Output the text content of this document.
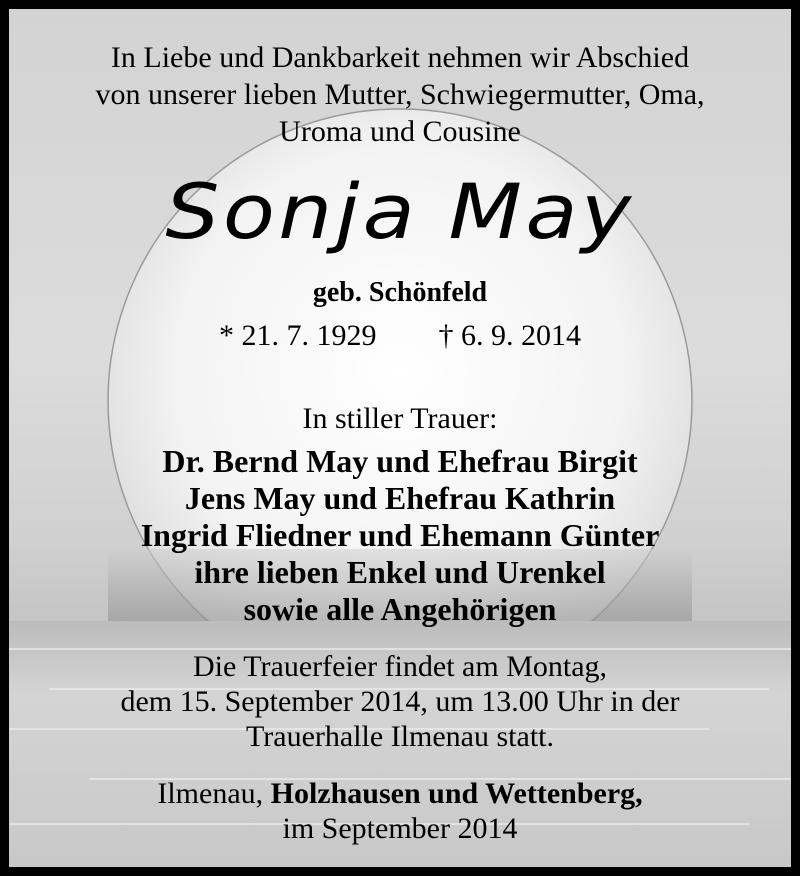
In Liebe und Dankbarkeit nehmen wir Abschied
von unserer lieben Mutter, Schwiegermutter, Oma,
Uroma und Cousine
Sonja May
geb. Schönfeld
* 21. 7. 1929 † 6. 9. 2014
In stiller Trauer:
Dr. Bernd May und Ehefrau Birgit
Jens May und Ehefrau Kathrin
Ingrid Fliedner und Ehemann Günter
ihre lieben Enkel und Urenkel
sowie alle Angehörigen
Die Trauerfeier findet am Montag,
dem 15. September 2014, um 13.00 Uhr in der
Trauerhalle Ilmenau statt.
Ilmenau, Holzhausen und Wettenberg,
im September 2014
